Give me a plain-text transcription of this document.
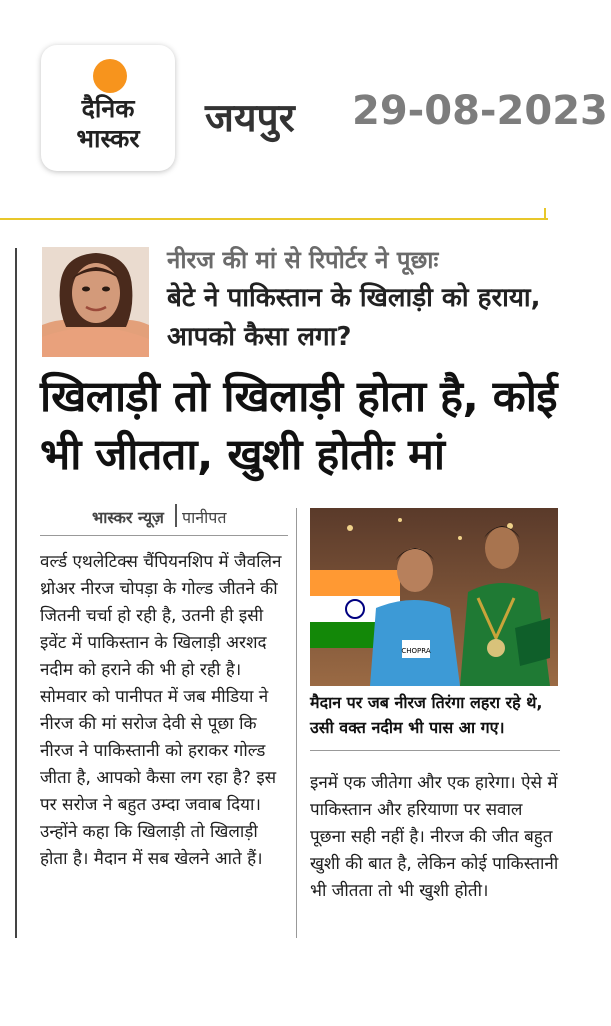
दैनिक
भास्कर	जयपुर 29-08-2023
नीरज की मां से रिपोर्टर ने पूछाः
बेटे ने पाकिस्तान के खिलाड़ी को हराया, आपको कैसा लगा?
खिलाड़ी तो खिलाड़ी होता है, कोई भी जीतता, खुशी होतीः मां
भास्कर न्यूज़ पानीपत
वर्ल्ड एथलेटिक्स चैंपियनशिप में जैवलिन थ्रोअर नीरज चोपड़ा के गोल्ड जीतने की जितनी चर्चा हो रही है, उतनी ही इसी इवेंट में पाकिस्तान के खिलाड़ी अरशद नदीम को हराने की भी हो रही है। सोमवार को पानीपत में जब मीडिया ने नीरज की मां सरोज देवी से पूछा कि नीरज ने पाकिस्तानी को हराकर गोल्ड जीता है, आपको कैसा लग रहा है? इस पर सरोज ने बहुत उम्दा जवाब दिया। उन्होंने कहा कि खिलाड़ी तो खिलाड़ी होता है। मैदान में सब खेलने आते हैं।
CHOPRA
मैदान पर जब नीरज तिरंगा लहरा रहे थे, उसी वक्त नदीम भी पास आ गए।
इनमें एक जीतेगा और एक हारेगा। ऐसे में पाकिस्तान और हरियाणा पर सवाल पूछना सही नहीं है। नीरज की जीत बहुत खुशी की बात है, लेकिन कोई पाकिस्तानी भी जीतता तो भी खुशी होती।
